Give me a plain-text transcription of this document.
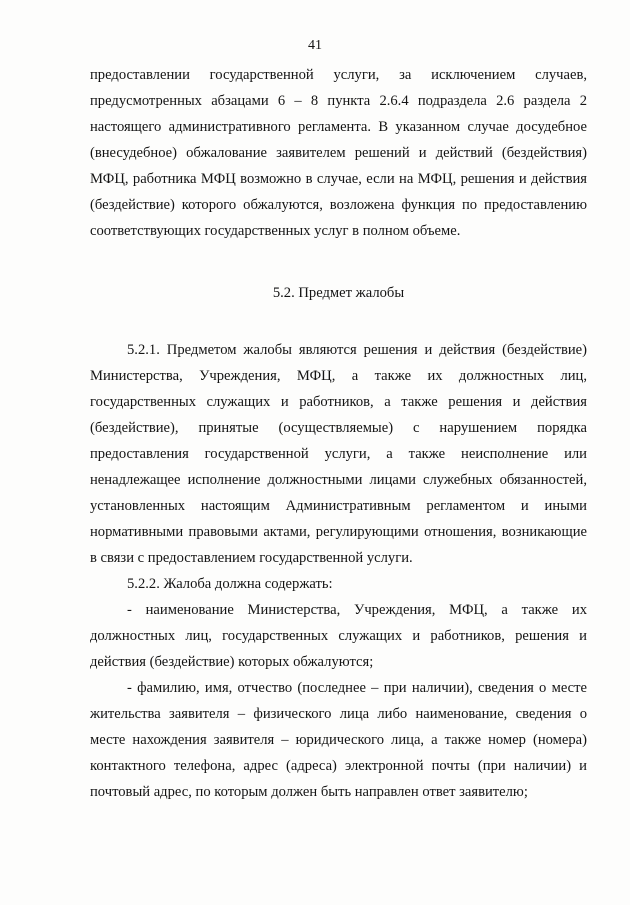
41

предоставлении государственной услуги, за исключением случаев, предусмотренных абзацами 6 – 8 пункта 2.6.4 подраздела 2.6 раздела 2 настоящего административного регламента. В указанном случае досудебное (внесудебное) обжалование заявителем решений и действий (бездействия) МФЦ, работника МФЦ возможно в случае, если на МФЦ, решения и действия (бездействие) которого обжалуются, возложена функция по предоставлению соответствующих государственных услуг в полном объеме.

5.2. Предмет жалобы

5.2.1. Предметом жалобы являются решения и действия (бездействие) Министерства, Учреждения, МФЦ, а также их должностных лиц, государственных служащих и работников, а также решения и действия (бездействие), принятые (осуществляемые) с нарушением порядка предоставления государственной услуги, а также неисполнение или ненадлежащее исполнение должностными лицами служебных обязанностей, установленных настоящим Административным регламентом и иными нормативными правовыми актами, регулирующими отношения, возникающие в связи с предоставлением государственной услуги.

5.2.2. Жалоба должна содержать:

- наименование Министерства, Учреждения, МФЦ, а также их должностных лиц, государственных служащих и работников, решения и действия (бездействие) которых обжалуются;

- фамилию, имя, отчество (последнее – при наличии), сведения о месте жительства заявителя – физического лица либо наименование, сведения о месте нахождения заявителя – юридического лица, а также номер (номера) контактного телефона, адрес (адреса) электронной почты (при наличии) и почтовый адрес, по которым должен быть направлен ответ заявителю;
